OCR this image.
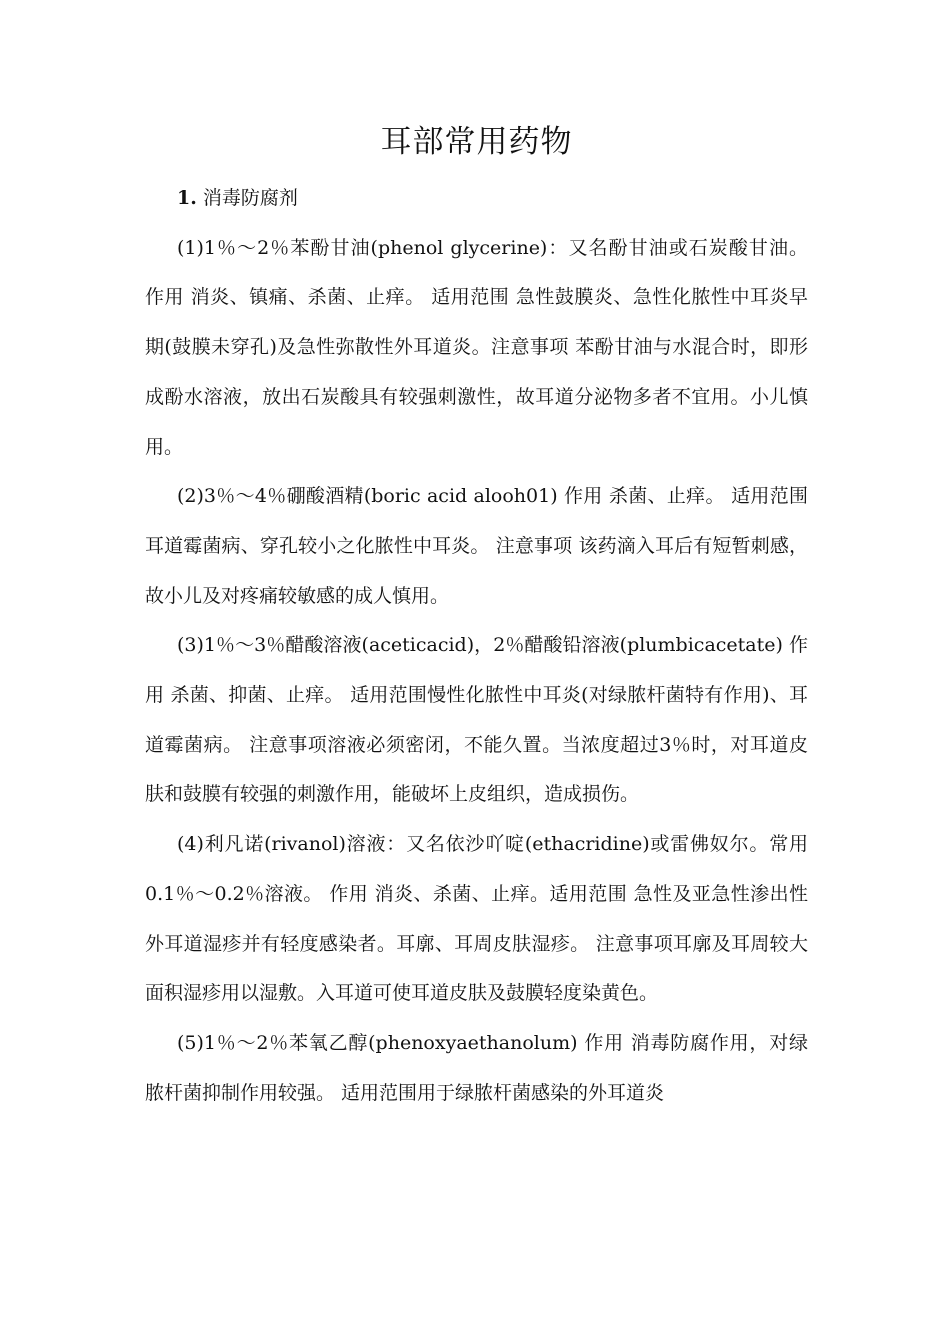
耳部常用药物

1. 消毒防腐剂

(1)1％～2％苯酚甘油(phenol glycerine)：又名酚甘油或石炭酸甘油。 作用 消炎、镇痛、杀菌、止痒。 适用范围 急性鼓膜炎、急性化脓性中耳炎早期(鼓膜未穿孔)及急性弥散性外耳道炎。注意事项 苯酚甘油与水混合时，即形成酚水溶液，放出石炭酸具有较强刺激性，故耳道分泌物多者不宜用。小儿慎用。

(2)3％～4％硼酸酒精(boric acid alooh01) 作用 杀菌、止痒。 适用范围 耳道霉菌病、穿孔较小之化脓性中耳炎。 注意事项 该药滴入耳后有短暂刺感，故小儿及对疼痛较敏感的成人慎用。

(3)1％～3％醋酸溶液(aceticacid)，2％醋酸铅溶液(plumbicacetate) 作用 杀菌、抑菌、止痒。 适用范围慢性化脓性中耳炎(对绿脓杆菌特有作用)、耳道霉菌病。 注意事项溶液必须密闭，不能久置。当浓度超过3％时，对耳道皮肤和鼓膜有较强的刺激作用，能破坏上皮组织，造成损伤。

(4)利凡诺(rivanol)溶液：又名依沙吖啶(ethacridine)或雷佛奴尔。常用0.1％～0.2％溶液。 作用 消炎、杀菌、止痒。适用范围 急性及亚急性渗出性外耳道湿疹并有轻度感染者。耳廓、耳周皮肤湿疹。 注意事项耳廓及耳周较大面积湿疹用以湿敷。入耳道可使耳道皮肤及鼓膜轻度染黄色。

(5)1％～2％苯氧乙醇(phenoxyaethanolum) 作用 消毒防腐作用，对绿脓杆菌抑制作用较强。 适用范围用于绿脓杆菌感染的外耳道炎
